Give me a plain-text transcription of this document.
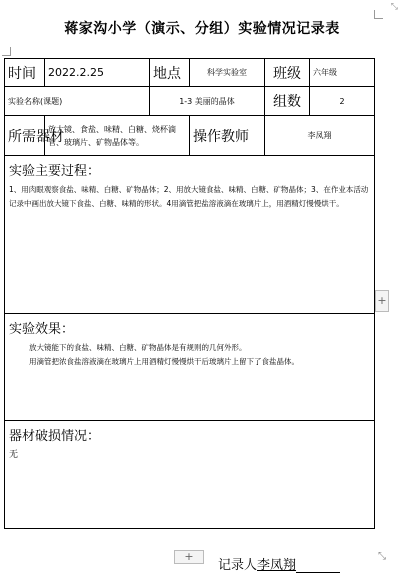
⤡
蒋家沟小学（演示、分组）实验情况记录表
时间	2022.2.25	地点	科学实验室	班级	六年级
实验名称(课题)		1-3 美丽的晶体		组数	2
所需器材	放大镜、食盐、味精、白糖、烧杯滴管、玻璃片、矿物晶体等。		操作教师	李凤翔	

实验主要过程：
1、用肉眼观察食盐、味精、白糖、矿物晶体；2、用放大镜食盐、味精、白糖、矿物晶体；3、在作业本活动记录中画出放大镜下食盐、白糖、味精的形状。4用滴管把盐溶液滴在玻璃片上，用酒精灯慢慢烘干。					

实验效果：
放大镜能下的食盐、味精、白糖、矿物晶体是有规则的几何外形。
用滴管把浓食盐溶液滴在玻璃片上用酒精灯慢慢烘干后玻璃片上留下了食盐晶体。					

器材破损情况：
无					
+
+	⤡
记录人李凤翔
